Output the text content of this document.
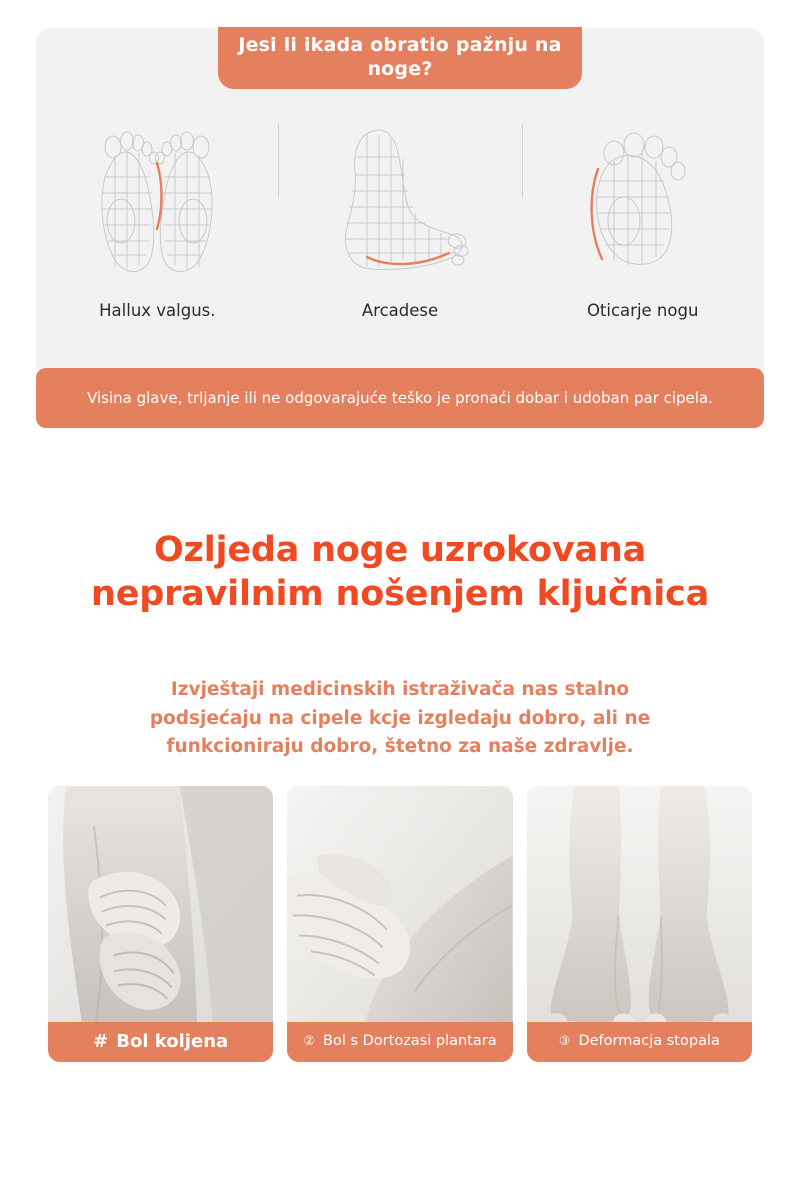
Jesi li ikada obratio pažnju na noge?
Hallux valgus.	Arcadese	Oticarje nogu
Visina glave, trljanje ili ne odgovarajuće teško je pronaći dobar i udoban par cipela.
Ozljeda noge uzrokovana
nepravilnim nošenjem ključnica
Izvještaji medicinskih istraživača nas stalno
podsjećaju na cipele kcje izgledaju dobro, ali ne
funkcioniraju dobro, štetno za naše zdravlje.
# Bol koljena	② Bol s Dortozasi plantara	③ Deformacja stopala
